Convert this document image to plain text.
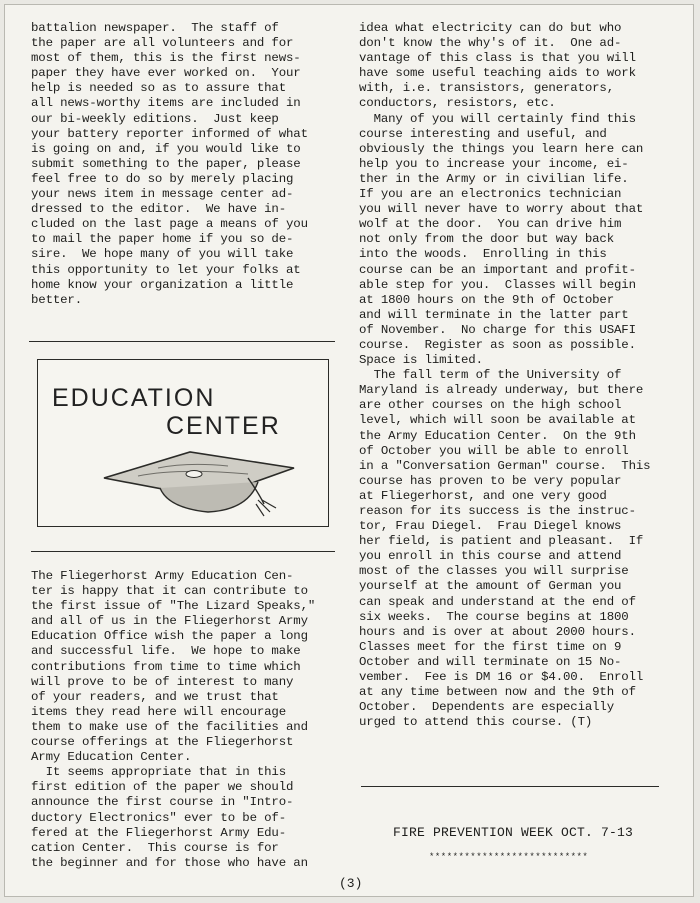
battalion newspaper.  The staff of
the paper are all volunteers and for
most of them, this is the first news-
paper they have ever worked on.  Your
help is needed so as to assure that
all news-worthy items are included in
our bi-weekly editions.  Just keep
your battery reporter informed of what
is going on and, if you would like to
submit something to the paper, please
feel free to do so by merely placing
your news item in message center ad-
dressed to the editor.  We have in-
cluded on the last page a means of you
to mail the paper home if you so de-
sire.  We hope many of you will take
this opportunity to let your folks at
home know your organization a little
better.
EDUCATION
CENTER
The Fliegerhorst Army Education Cen-
ter is happy that it can contribute to
the first issue of "The Lizard Speaks,"
and all of us in the Fliegerhorst Army
Education Office wish the paper a long
and successful life.  We hope to make
contributions from time to time which
will prove to be of interest to many
of your readers, and we trust that
items they read here will encourage
them to make use of the facilities and
course offerings at the Fliegerhorst
Army Education Center.
It seems appropriate that in this
first edition of the paper we should
announce the first course in "Intro-
ductory Electronics" ever to be of-
fered at the Fliegerhorst Army Edu-
cation Center.  This course is for
the beginner and for those who have an
idea what electricity can do but who
don't know the why's of it.  One ad-
vantage of this class is that you will
have some useful teaching aids to work
with, i.e. transistors, generators,
conductors, resistors, etc.
Many of you will certainly find this
course interesting and useful, and
obviously the things you learn here can
help you to increase your income, ei-
ther in the Army or in civilian life.
If you are an electronics technician
you will never have to worry about that
wolf at the door.  You can drive him
not only from the door but way back
into the woods.  Enrolling in this
course can be an important and profit-
able step for you.  Classes will begin
at 1800 hours on the 9th of October
and will terminate in the latter part
of November.  No charge for this USAFI
course.  Register as soon as possible.
Space is limited.
The fall term of the University of
Maryland is already underway, but there
are other courses on the high school
level, which will soon be available at
the Army Education Center.  On the 9th
of October you will be able to enroll
in a "Conversation German" course.  This
course has proven to be very popular
at Fliegerhorst, and one very good
reason for its success is the instruc-
tor, Frau Diegel.  Frau Diegel knows
her field, is patient and pleasant.  If
you enroll in this course and attend
most of the classes you will surprise
yourself at the amount of German you
can speak and understand at the end of
six weeks.  The course begins at 1800
hours and is over at about 2000 hours.
Classes meet for the first time on 9
October and will terminate on 15 No-
vember.  Fee is DM 16 or $4.00.  Enroll
at any time between now and the 9th of
October.  Dependents are especially
urged to attend this course. (T)
FIRE PREVENTION WEEK OCT. 7-13
***************************
(3)
